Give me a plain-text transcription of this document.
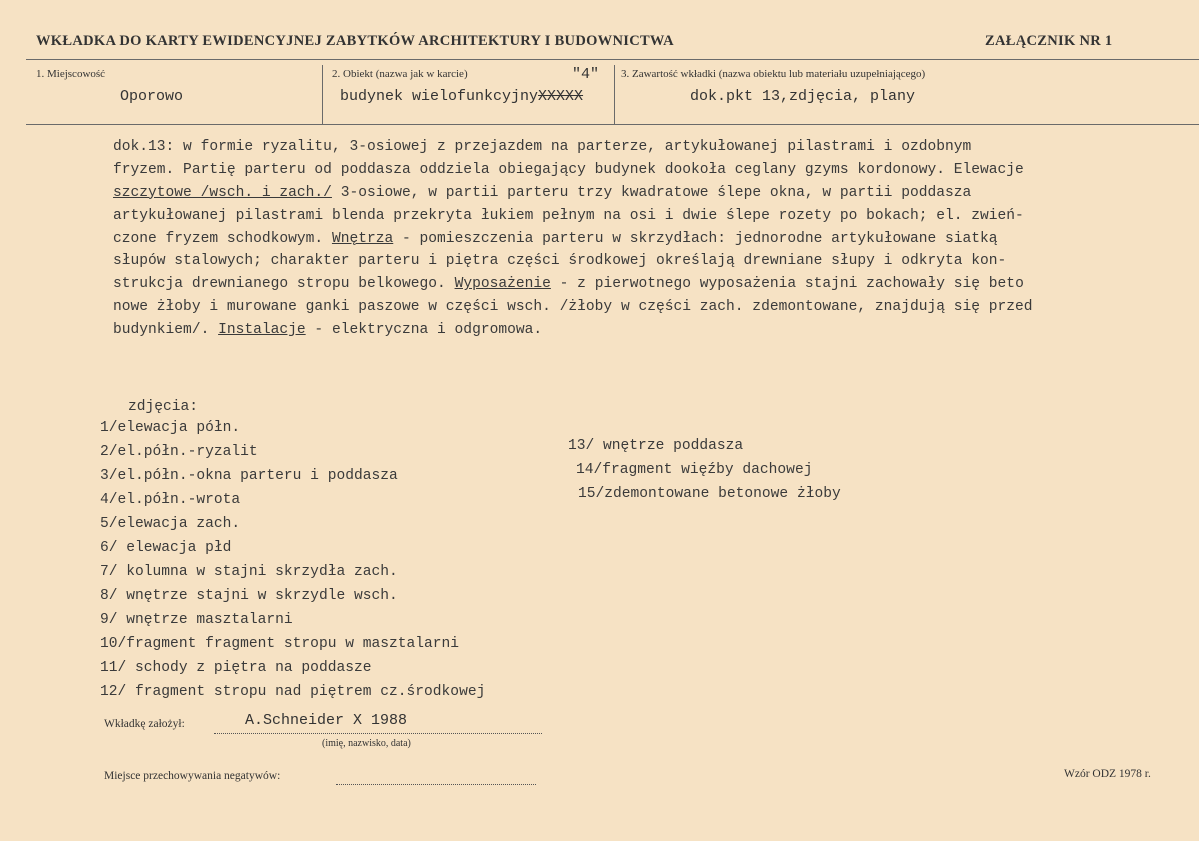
WKŁADKA DO KARTY EWIDENCYJNEJ ZABYTKÓW ARCHITEKTURY I BUDOWNICTWA	ZAŁĄCZNIK NR 1
1. Miejscowość
Oporowo
2. Obiekt (nazwa jak w karcie)	"4"
budynek wielofunkcyjnyXXXXX
3. Zawartość wkładki (nazwa obiektu lub materiału uzupełniającego)
dok.pkt 13,zdjęcia, plany
dok.13: w formie ryzalitu, 3-osiowej z przejazdem na parterze, artykułowanej pilastrami i ozdobnym
fryzem. Partię parteru od poddasza oddziela obiegający budynek dookoła ceglany gzyms kordonowy. Elewacje
szczytowe /wsch. i zach./ 3-osiowe, w partii parteru trzy kwadratowe ślepe okna, w partii poddasza
artykułowanej pilastrami blenda przekryta łukiem pełnym na osi i dwie ślepe rozety po bokach; el. zwień-
czone fryzem schodkowym. Wnętrza - pomieszczenia parteru w skrzydłach: jednorodne artykułowane siatką
słupów stalowych; charakter parteru i piętra części środkowej określają drewniane słupy i odkryta kon-
strukcja drewnianego stropu belkowego. Wyposażenie - z pierwotnego wyposażenia stajni zachowały się beto
nowe żłoby i murowane ganki paszowe w części wsch. /żłoby w części zach. zdemontowane, znajdują się przed
budynkiem/. Instalacje - elektryczna i odgromowa.
zdjęcia:
1/elewacja półn.
2/el.półn.-ryzalit
3/el.półn.-okna parteru i poddasza
4/el.półn.-wrota
5/elewacja zach.
6/ elewacja płd
7/ kolumna w stajni skrzydła zach.
8/ wnętrze stajni w skrzydle wsch.
9/ wnętrze masztalarni
10/fragment fragment stropu w masztalarni
11/ schody z piętra na poddasze
12/ fragment stropu nad piętrem cz.środkowej
13/ wnętrze poddasza
14/fragment więźby dachowej
15/zdemontowane betonowe żłoby
Wkładkę założył:	A.Schneider X 1988
(imię, nazwisko, data)
Miejsce przechowywania negatywów:	Wzór ODZ 1978 r.
